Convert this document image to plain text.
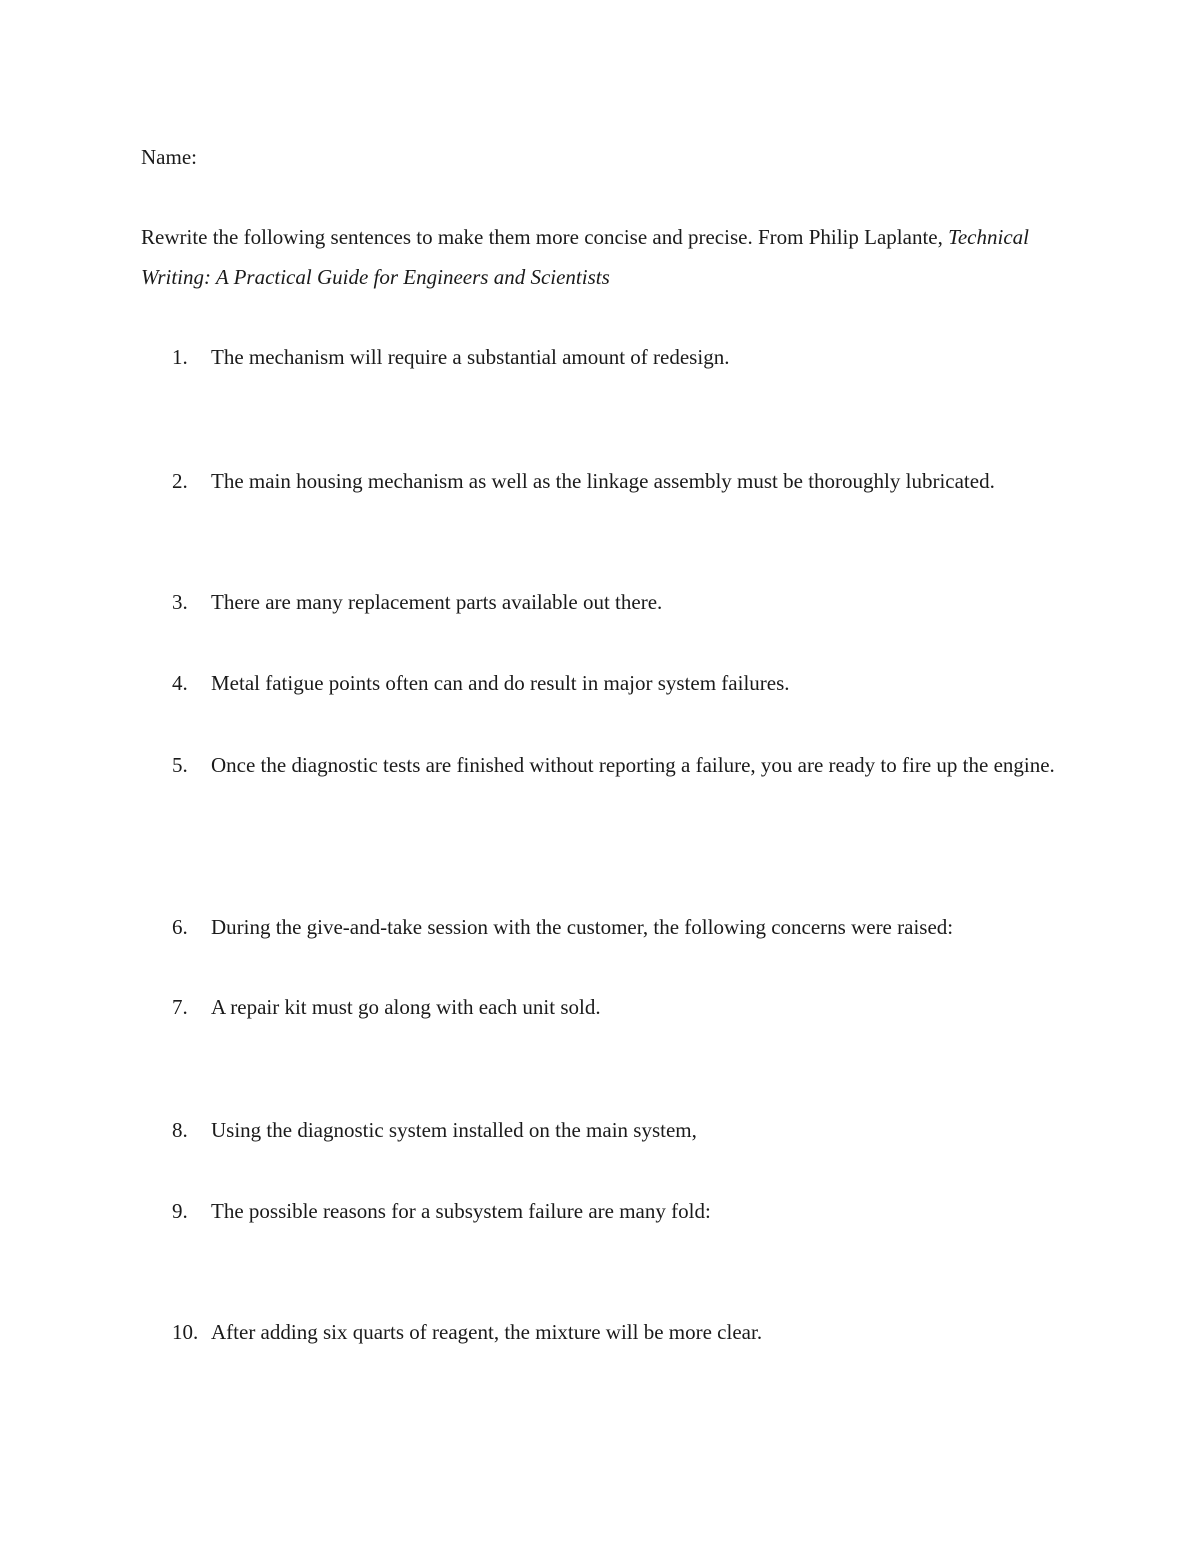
Name:

Rewrite the following sentences to make them more concise and precise. From Philip Laplante, Technical Writing: A Practical Guide for Engineers and Scientists

1.	The mechanism will require a substantial amount of redesign.
2.	The main housing mechanism as well as the linkage assembly must be thoroughly lubricated.
3.	There are many replacement parts available out there.
4.	Metal fatigue points often can and do result in major system failures.
5.	Once the diagnostic tests are finished without reporting a failure, you are ready to fire up the engine.
6.	During the give-and-take session with the customer, the following concerns were raised:
7.	A repair kit must go along with each unit sold.
8.	Using the diagnostic system installed on the main system,
9.	The possible reasons for a subsystem failure are many fold:
10. After adding six quarts of reagent, the mixture will be more clear.
